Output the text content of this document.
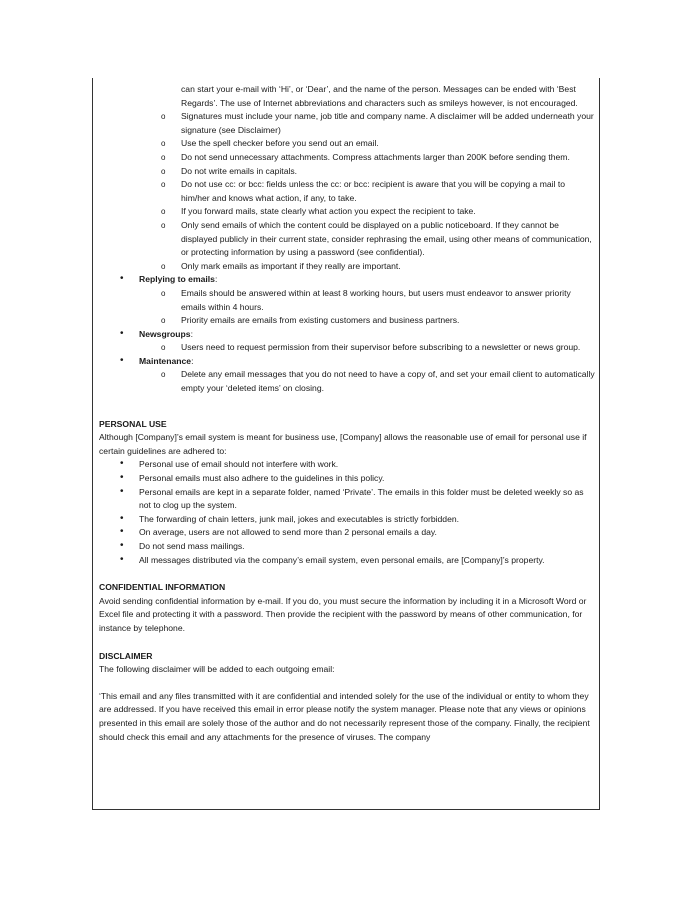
can start your e-mail with ‘Hi’, or ‘Dear’, and the name of the person. Messages can be ended with ‘Best Regards’. The use of Internet abbreviations and characters such as smileys however, is not encouraged.
o Signatures must include your name, job title and company name. A disclaimer will be added underneath your signature (see Disclaimer)
o Use the spell checker before you send out an email.
o Do not send unnecessary attachments. Compress attachments larger than 200K before sending them.
o Do not write emails in capitals.
o Do not use cc: or bcc: fields unless the cc: or bcc: recipient is aware that you will be copying a mail to him/her and knows what action, if any, to take.
o If you forward mails, state clearly what action you expect the recipient to take.
o Only send emails of which the content could be displayed on a public noticeboard. If they cannot be displayed publicly in their current state, consider rephrasing the email, using other means of communication, or protecting information by using a password (see confidential).
o Only mark emails as important if they really are important.
• Replying to emails:
o Emails should be answered within at least 8 working hours, but users must endeavor to answer priority emails within 4 hours.
o Priority emails are emails from existing customers and business partners.
• Newsgroups:
o Users need to request permission from their supervisor before subscribing to a newsletter or news group.
• Maintenance:
o Delete any email messages that you do not need to have a copy of, and set your email client to automatically empty your ‘deleted items’ on closing.
PERSONAL USE

Although [Company]’s email system is meant for business use, [Company] allows the reasonable use of email for personal use if certain guidelines are adhered to:

• Personal use of email should not interfere with work.
• Personal emails must also adhere to the guidelines in this policy.
• Personal emails are kept in a separate folder, named ‘Private’. The emails in this folder must be deleted weekly so as not to clog up the system.
• The forwarding of chain letters, junk mail, jokes and executables is strictly forbidden.
• On average, users are not allowed to send more than 2 personal emails a day.
• Do not send mass mailings.
• All messages distributed via the company’s email system, even personal emails, are [Company]’s property.
CONFIDENTIAL INFORMATION

Avoid sending confidential information by e-mail. If you do, you must secure the information by including it in a Microsoft Word or Excel file and protecting it with a password. Then provide the recipient with the password by means of other communication, for instance by telephone.

DISCLAIMER

The following disclaimer will be added to each outgoing email:

‘This email and any files transmitted with it are confidential and intended solely for the use of the individual or entity to whom they are addressed. If you have received this email in error please notify the system manager. Please note that any views or opinions presented in this email are solely those of the author and do not necessarily represent those of the company. Finally, the recipient should check this email and any attachments for the presence of viruses. The company
